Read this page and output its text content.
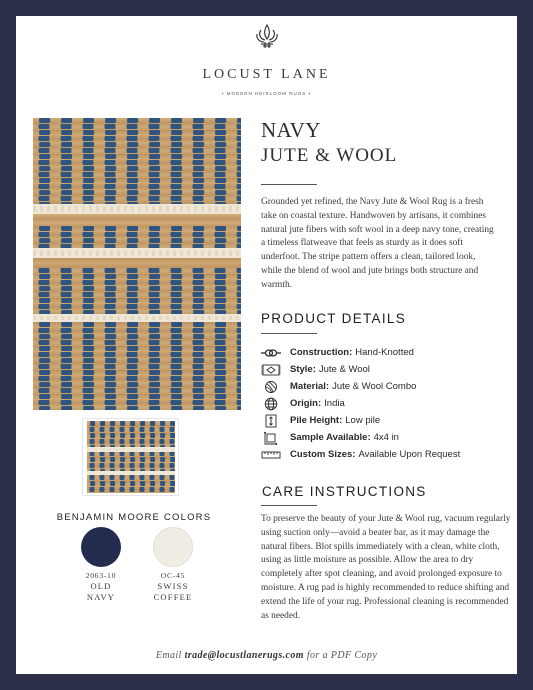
LOCUST LANE
• MODERN HEIRLOOM RUGS •
NAVY
JUTE & WOOL
Grounded yet refined, the Navy Jute & Wool Rug is a fresh take on coastal texture. Handwoven by artisans, it combines natural jute fibers with soft wool in a deep navy tone, creating a timeless flatweave that feels as sturdy as it does soft underfoot. The stripe pattern offers a clean, tailored look, while the blend of wool and jute brings both structure and warmth.
PRODUCT DETAILS
Construction: Hand-Knotted
Style: Jute & Wool
Material: Jute & Wool Combo
Origin: India
Pile Height: Low pile
Sample Available: 4x4 in
Custom Sizes: Available Upon Request
CARE INSTRUCTIONS
To preserve the beauty of your Jute & Wool rug, vacuum regularly using suction only—avoid a beater bar, as it may damage the natural fibers. Blot spills immediately with a clean, white cloth, using as little moisture as possible. Allow the area to dry completely after spot cleaning, and avoid prolonged exposure to moisture. A rug pad is highly recommended to reduce shifting and extend the life of your rug. Professional cleaning is recommended as needed.
BENJAMIN MOORE COLORS
2063-10
OLD
NAVY
OC-45
SWISS
COFFEE
Email trade@locustlanerugs.com for a PDF Copy
